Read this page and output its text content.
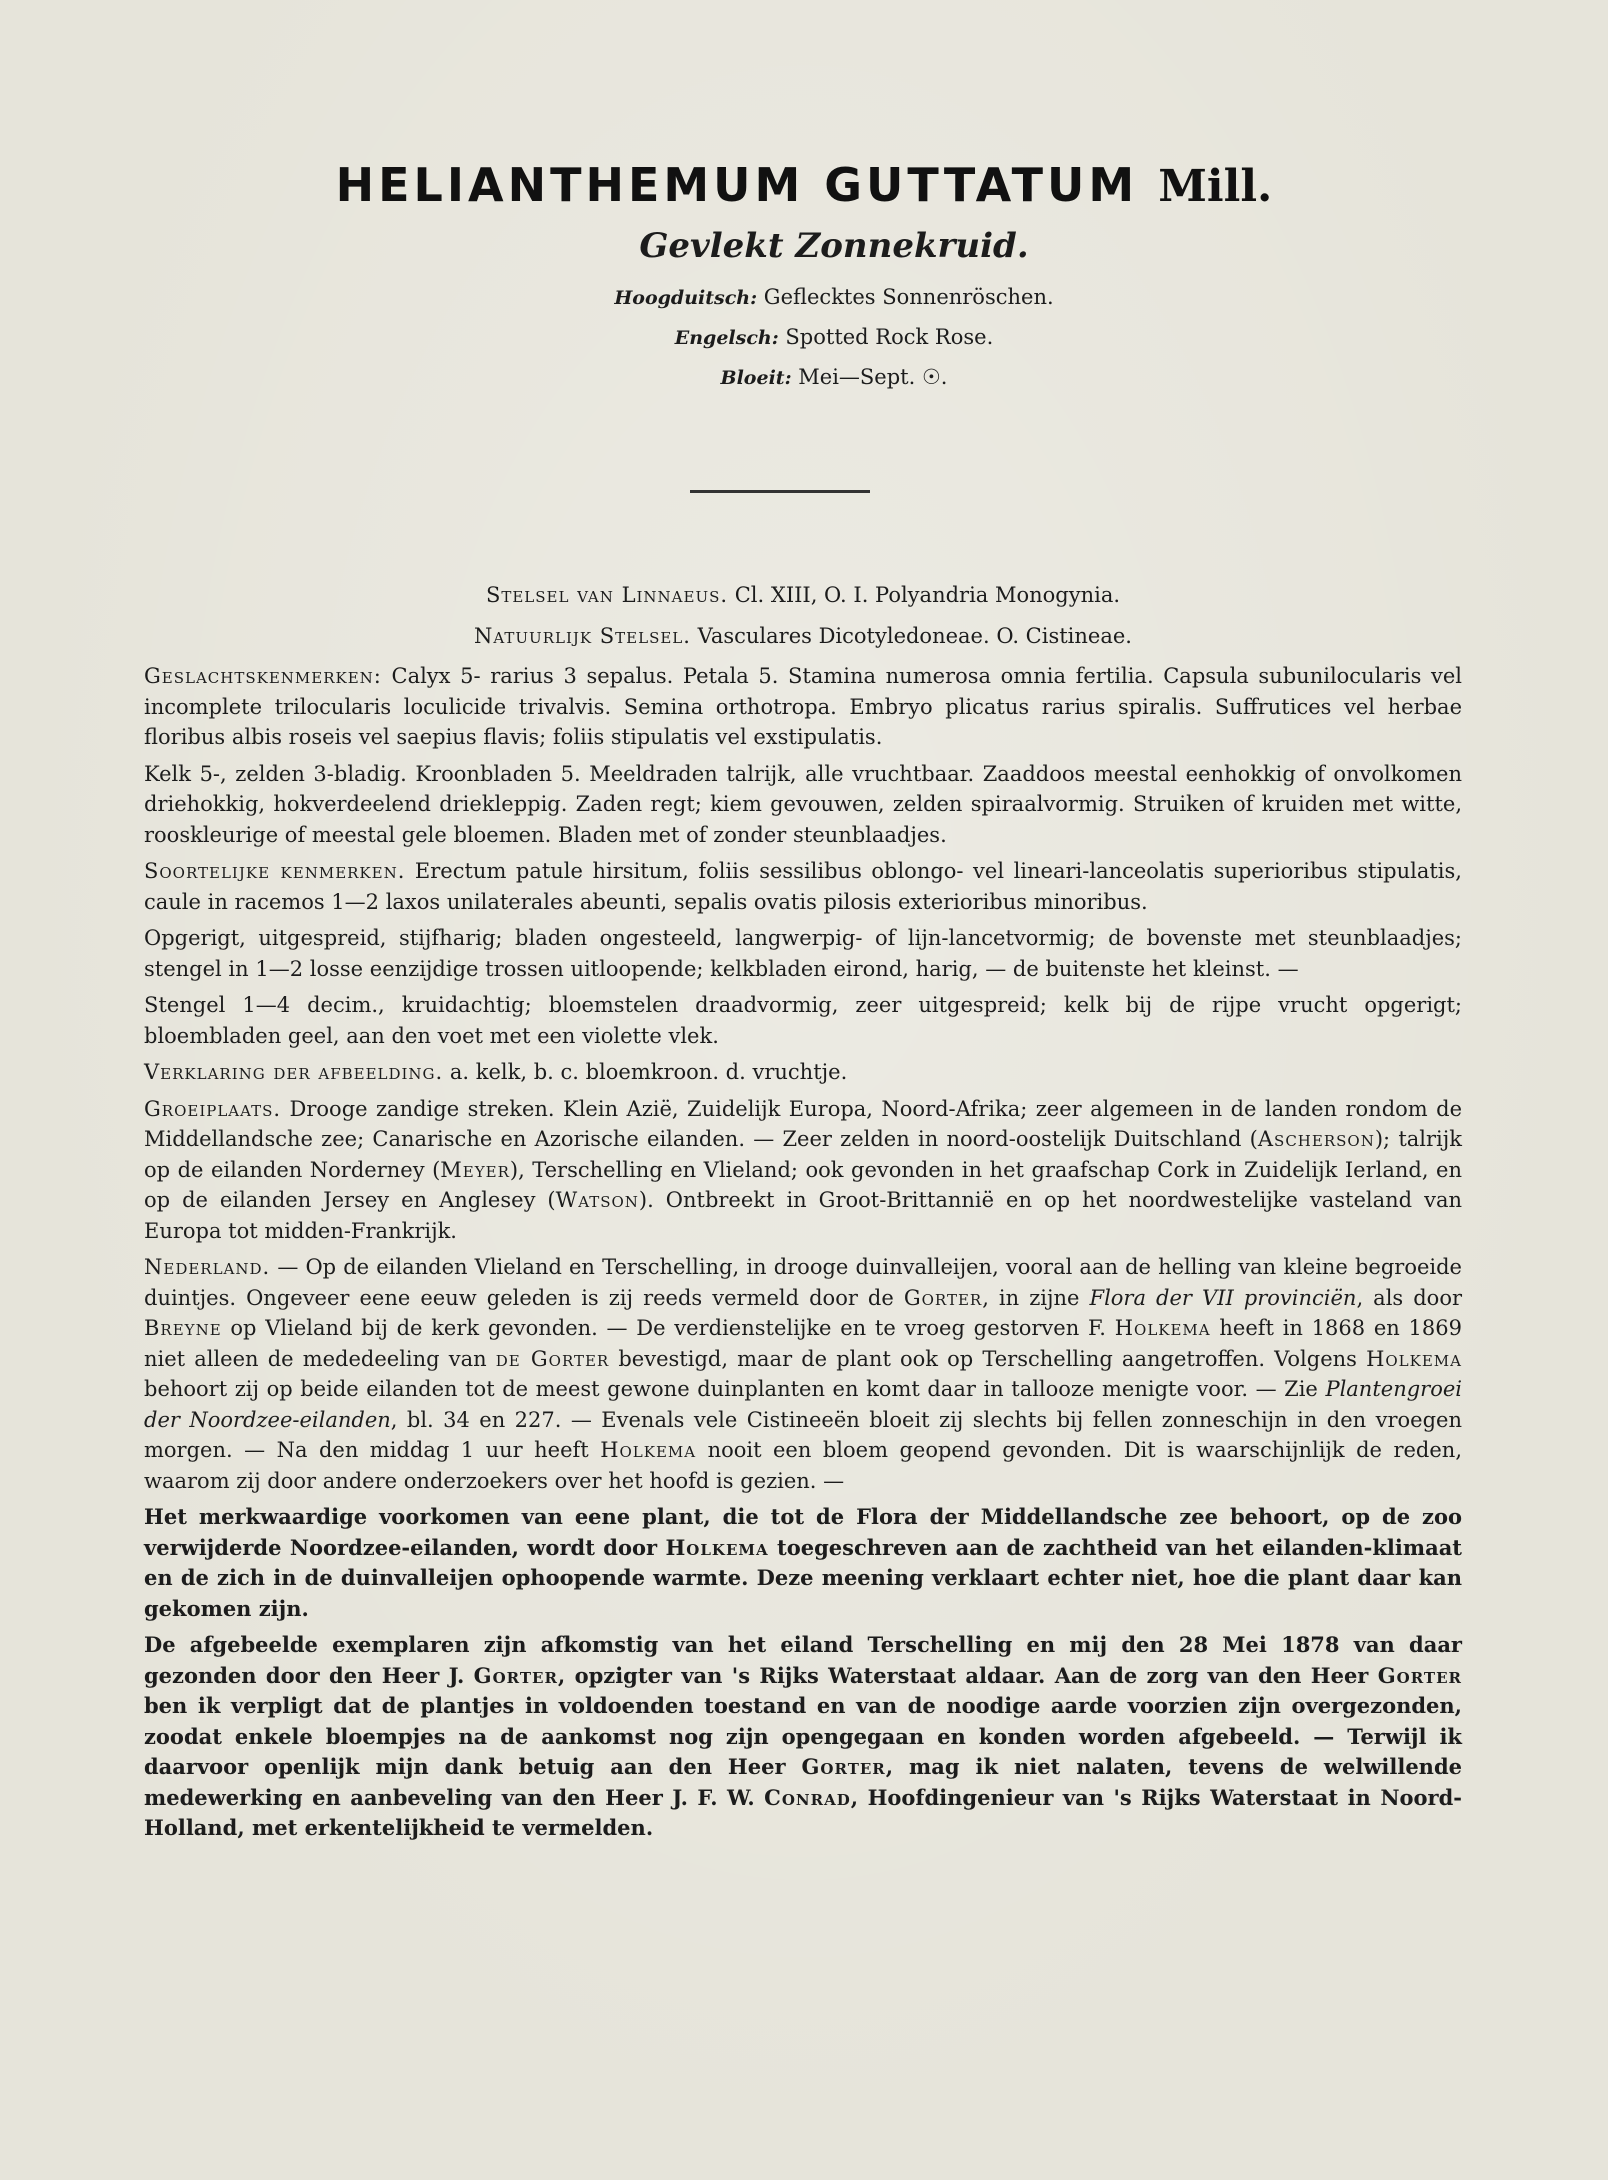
HELIANTHEMUM GUTTATUM Mill.
Gevlekt Zonnekruid.
Hoogduitsch: Geflecktes Sonnenröschen.
Engelsch: Spotted Rock Rose.
Bloeit: Mei—Sept. ☉.

Stelsel van Linnaeus. Cl. XIII, O. I. Polyandria Monogynia.

Natuurlijk Stelsel. Vasculares Dicotyledoneae. O. Cistineae.

Geslachtskenmerken: Calyx 5- rarius 3 sepalus. Petala 5. Stamina numerosa omnia fertilia. Capsula subunilocularis vel incomplete trilocularis loculicide trivalvis. Semina orthotropa. Embryo plicatus rarius spiralis. Suffrutices vel herbae floribus albis roseis vel saepius flavis; foliis stipulatis vel exstipulatis.

Kelk 5-, zelden 3-bladig. Kroonbladen 5. Meeldraden talrijk, alle vruchtbaar. Zaaddoos meestal eenhokkig of onvolkomen driehokkig, hokverdeelend driekleppig. Zaden regt; kiem gevouwen, zelden spiraalvormig. Struiken of kruiden met witte, rooskleurige of meestal gele bloemen. Bladen met of zonder steunblaadjes.

Soortelijke kenmerken. Erectum patule hirsitum, foliis sessilibus oblongo- vel lineari-lanceolatis superioribus stipulatis, caule in racemos 1—2 laxos unilaterales abeunti, sepalis ovatis pilosis exterioribus minoribus.

Opgerigt, uitgespreid, stijfharig; bladen ongesteeld, langwerpig- of lijn-lancetvormig; de bovenste met steunblaadjes; stengel in 1—2 losse eenzijdige trossen uitloopende; kelkbladen eirond, harig, — de buitenste het kleinst. —

Stengel 1—4 decim., kruidachtig; bloemstelen draadvormig, zeer uitgespreid; kelk bij de rijpe vrucht opgerigt; bloembladen geel, aan den voet met een violette vlek.

Verklaring der afbeelding. a. kelk, b. c. bloemkroon. d. vruchtje.

Groeiplaats. Drooge zandige streken. Klein Azië, Zuidelijk Europa, Noord-Afrika; zeer algemeen in de landen rondom de Middellandsche zee; Canarische en Azorische eilanden. — Zeer zelden in noord-oostelijk Duitschland (Ascherson); talrijk op de eilanden Norderney (Meyer), Terschelling en Vlieland; ook gevonden in het graafschap Cork in Zuidelijk Ierland, en op de eilanden Jersey en Anglesey (Watson). Ontbreekt in Groot-Brittannië en op het noordwestelijke vasteland van Europa tot midden-Frankrijk.

Nederland. — Op de eilanden Vlieland en Terschelling, in drooge duinvalleijen, vooral aan de helling van kleine begroeide duintjes. Ongeveer eene eeuw geleden is zij reeds vermeld door de Gorter, in zijne Flora der VII provinciën, als door Breyne op Vlieland bij de kerk gevonden. — De verdienstelijke en te vroeg gestorven F. Holkema heeft in 1868 en 1869 niet alleen de mededeeling van de Gorter bevestigd, maar de plant ook op Terschelling aangetroffen. Volgens Holkema behoort zij op beide eilanden tot de meest gewone duinplanten en komt daar in tallooze menigte voor. — Zie Plantengroei der Noordzee-eilanden, bl. 34 en 227. — Evenals vele Cistineeën bloeit zij slechts bij fellen zonneschijn in den vroegen morgen. — Na den middag 1 uur heeft Holkema nooit een bloem geopend gevonden. Dit is waarschijnlijk de reden, waarom zij door andere onderzoekers over het hoofd is gezien. —

Het merkwaardige voorkomen van eene plant, die tot de Flora der Middellandsche zee behoort, op de zoo verwijderde Noordzee-eilanden, wordt door Holkema toegeschreven aan de zachtheid van het eilanden-klimaat en de zich in de duinvalleijen ophoopende warmte. Deze meening verklaart echter niet, hoe die plant daar kan gekomen zijn.

De afgebeelde exemplaren zijn afkomstig van het eiland Terschelling en mij den 28 Mei 1878 van daar gezonden door den Heer J. Gorter, opzigter van 's Rijks Waterstaat aldaar. Aan de zorg van den Heer Gorter ben ik verpligt dat de plantjes in voldoenden toestand en van de noodige aarde voorzien zijn overgezonden, zoodat enkele bloempjes na de aankomst nog zijn opengegaan en konden worden afgebeeld. — Terwijl ik daarvoor openlijk mijn dank betuig aan den Heer Gorter, mag ik niet nalaten, tevens de welwillende medewerking en aanbeveling van den Heer J. F. W. Conrad, Hoofdingenieur van 's Rijks Waterstaat in Noord-Holland, met erkentelijkheid te vermelden.
